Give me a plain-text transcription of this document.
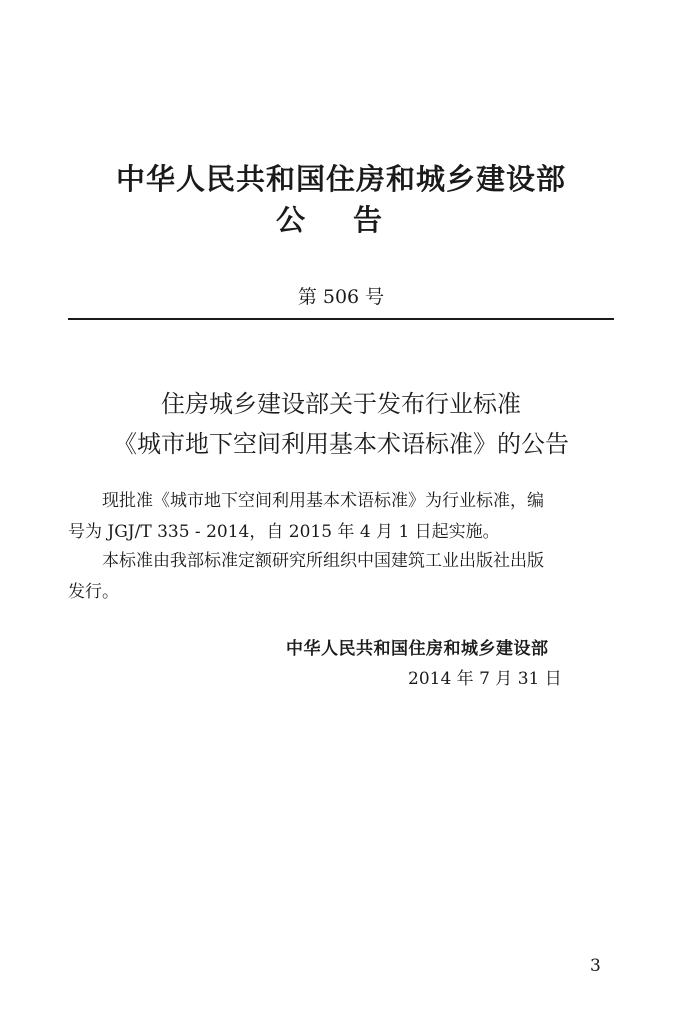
中华人民共和国住房和城乡建设部
公告
第 506 号
住房城乡建设部关于发布行业标准
《城市地下空间利用基本术语标准》的公告
现批准《城市地下空间利用基本术语标准》为行业标准，编
号为 JGJ/T 335 - 2014，自 2015 年 4 月 1 日起实施。
本标准由我部标准定额研究所组织中国建筑工业出版社出版
发行。
中华人民共和国住房和城乡建设部
2014 年 7 月 31 日
3
